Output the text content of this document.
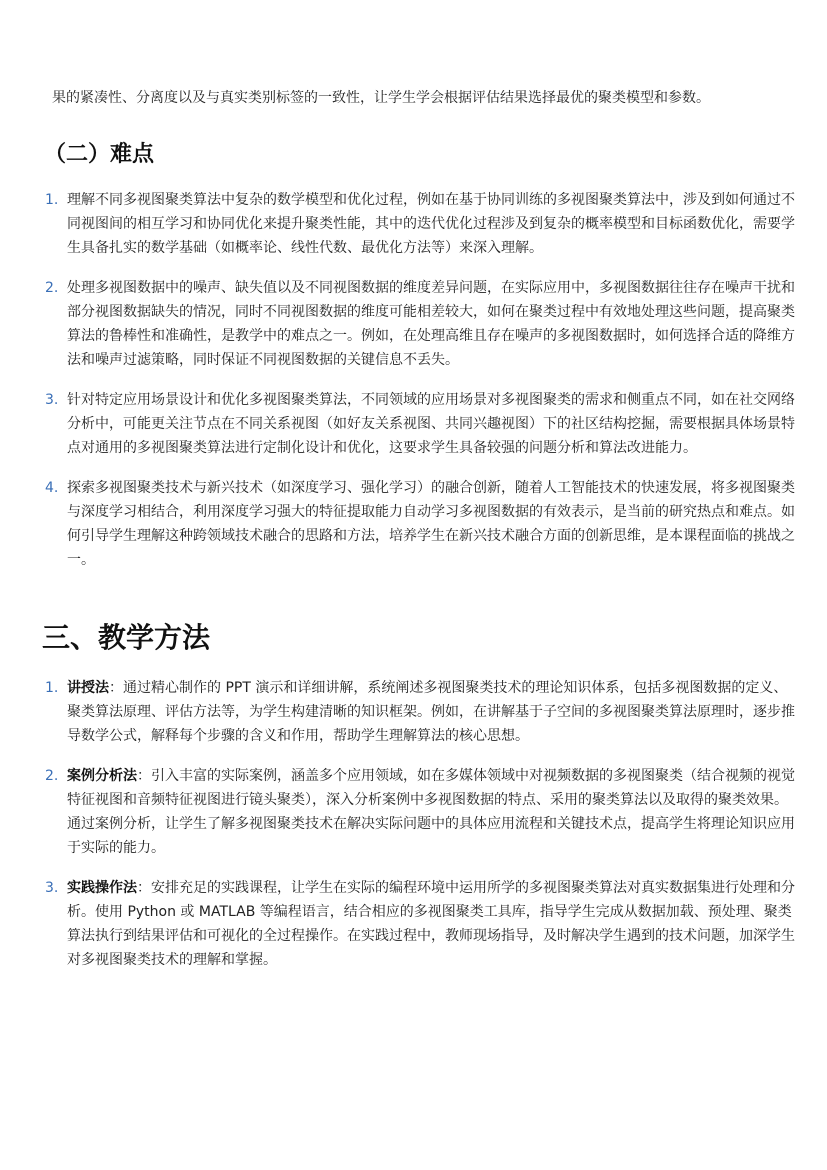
果的紧凑性、分离度以及与真实类别标签的一致性，让学生学会根据评估结果选择最优的聚类模型和参数。

（二）难点
1. 理解不同多视图聚类算法中复杂的数学模型和优化过程，例如在基于协同训练的多视图聚类算法中，涉及到如何通过不同视图间的相互学习和协同优化来提升聚类性能，其中的迭代优化过程涉及到复杂的概率模型和目标函数优化，需要学生具备扎实的数学基础（如概率论、线性代数、最优化方法等）来深入理解。
2. 处理多视图数据中的噪声、缺失值以及不同视图数据的维度差异问题，在实际应用中，多视图数据往往存在噪声干扰和部分视图数据缺失的情况，同时不同视图数据的维度可能相差较大，如何在聚类过程中有效地处理这些问题，提高聚类算法的鲁棒性和准确性，是教学中的难点之一。例如，在处理高维且存在噪声的多视图数据时，如何选择合适的降维方法和噪声过滤策略，同时保证不同视图数据的关键信息不丢失。
3. 针对特定应用场景设计和优化多视图聚类算法，不同领域的应用场景对多视图聚类的需求和侧重点不同，如在社交网络分析中，可能更关注节点在不同关系视图（如好友关系视图、共同兴趣视图）下的社区结构挖掘，需要根据具体场景特点对通用的多视图聚类算法进行定制化设计和优化，这要求学生具备较强的问题分析和算法改进能力。
4. 探索多视图聚类技术与新兴技术（如深度学习、强化学习）的融合创新，随着人工智能技术的快速发展，将多视图聚类与深度学习相结合，利用深度学习强大的特征提取能力自动学习多视图数据的有效表示，是当前的研究热点和难点。如何引导学生理解这种跨领域技术融合的思路和方法，培养学生在新兴技术融合方面的创新思维，是本课程面临的挑战之一。
三、教学方法
1. 讲授法：通过精心制作的 PPT 演示和详细讲解，系统阐述多视图聚类技术的理论知识体系，包括多视图数据的定义、聚类算法原理、评估方法等，为学生构建清晰的知识框架。例如，在讲解基于子空间的多视图聚类算法原理时，逐步推导数学公式，解释每个步骤的含义和作用，帮助学生理解算法的核心思想。
2. 案例分析法：引入丰富的实际案例，涵盖多个应用领域，如在多媒体领域中对视频数据的多视图聚类（结合视频的视觉特征视图和音频特征视图进行镜头聚类），深入分析案例中多视图数据的特点、采用的聚类算法以及取得的聚类效果。通过案例分析，让学生了解多视图聚类技术在解决实际问题中的具体应用流程和关键技术点，提高学生将理论知识应用于实际的能力。
3. 实践操作法：安排充足的实践课程，让学生在实际的编程环境中运用所学的多视图聚类算法对真实数据集进行处理和分析。使用 Python 或 MATLAB 等编程语言，结合相应的多视图聚类工具库，指导学生完成从数据加载、预处理、聚类算法执行到结果评估和可视化的全过程操作。在实践过程中，教师现场指导，及时解决学生遇到的技术问题，加深学生对多视图聚类技术的理解和掌握。
